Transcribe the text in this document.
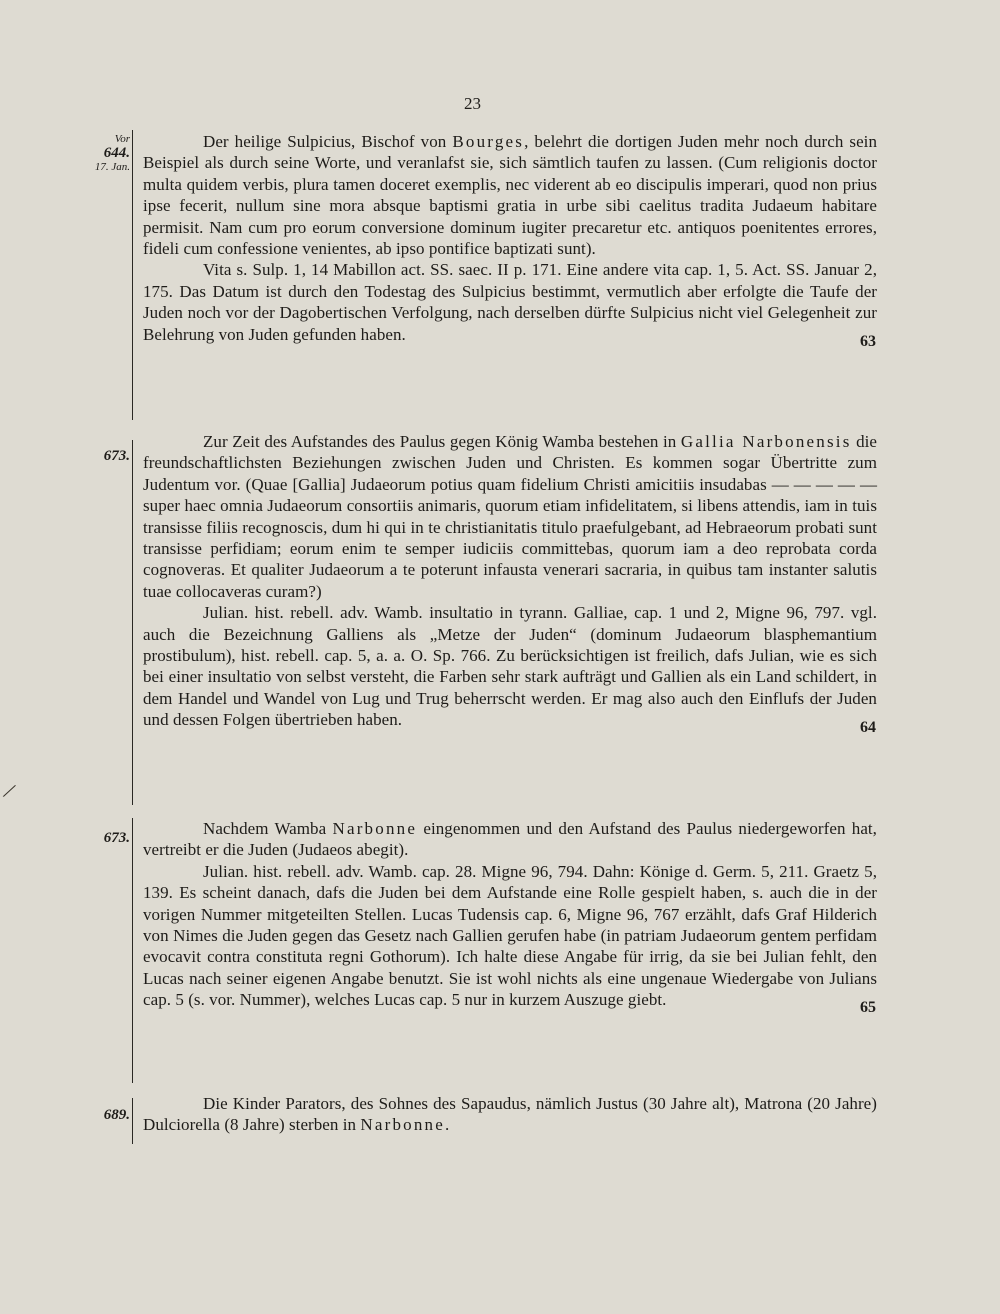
23
Vor
644.
17. Jan.

Der heilige Sulpicius, Bischof von Bourges, belehrt die dortigen Juden mehr noch durch sein Beispiel als durch seine Worte, und veranlafst sie, sich sämtlich taufen zu lassen. (Cum religionis doctor multa quidem verbis, plura tamen doceret exemplis, nec viderent ab eo discipulis imperari, quod non prius ipse fecerit, nullum sine mora absque baptismi gratia in urbe sibi caelitus tradita Judaeum habitare permisit. Nam cum pro eorum conversione dominum iugiter precaretur etc. antiquos poenitentes errores, fideli cum confessione venientes, ab ipso pontifice baptizati sunt).

Vita s. Sulp. 1, 14 Mabillon act. SS. saec. II p. 171. Eine andere vita cap. 1, 5. Act. SS. Januar 2, 175. Das Datum ist durch den Todestag des Sulpicius bestimmt, vermutlich aber erfolgte die Taufe der Juden noch vor der Dagobertischen Verfolgung, nach derselben dürfte Sulpicius nicht viel Gelegenheit zur Belehrung von Juden gefunden haben.	63
673.

Zur Zeit des Aufstandes des Paulus gegen König Wamba bestehen in Gallia Narbonensis die freundschaftlichsten Beziehungen zwischen Juden und Christen. Es kommen sogar Übertritte zum Judentum vor. (Quae [Gallia] Judaeorum potius quam fidelium Christi amicitiis insudabas — — — — — super haec omnia Judaeorum consortiis animaris, quorum etiam infidelitatem, si libens attendis, iam in tuis transisse filiis recognoscis, dum hi qui in te christianitatis titulo praefulgebant, ad Hebraeorum probati sunt transisse perfidiam; eorum enim te semper iudiciis committebas, quorum iam a deo reprobata corda cognoveras. Et qualiter Judaeorum a te poterunt infausta venerari sacraria, in quibus tam instanter salutis tuae collocaveras curam?)

Julian. hist. rebell. adv. Wamb. insultatio in tyrann. Galliae, cap. 1 und 2, Migne 96, 797. vgl. auch die Bezeichnung Galliens als „Metze der Juden“ (dominum Judaeorum blasphemantium prostibulum), hist. rebell. cap. 5, a. a. O. Sp. 766. Zu berücksichtigen ist freilich, dafs Julian, wie es sich bei einer insultatio von selbst versteht, die Farben sehr stark aufträgt und Gallien als ein Land schildert, in dem Handel und Wandel von Lug und Trug beherrscht werden. Er mag also auch den Einflufs der Juden und dessen Folgen übertrieben haben.	64
673.	Nachdem Wamba Narbonne eingenommen und den Aufstand des Paulus niedergeworfen hat, vertreibt er die Juden (Judaeos abegit).

Julian. hist. rebell. adv. Wamb. cap. 28. Migne 96, 794. Dahn: Könige d. Germ. 5, 211. Graetz 5, 139. Es scheint danach, dafs die Juden bei dem Aufstande eine Rolle gespielt haben, s. auch die in der vorigen Nummer mitgeteilten Stellen. Lucas Tudensis cap. 6, Migne 96, 767 erzählt, dafs Graf Hilderich von Nimes die Juden gegen das Gesetz nach Gallien gerufen habe (in patriam Judaeorum gentem perfidam evocavit contra constituta regni Gothorum). Ich halte diese Angabe für irrig, da sie bei Julian fehlt, den Lucas nach seiner eigenen Angabe benutzt. Sie ist wohl nichts als eine ungenaue Wiedergabe von Julians cap. 5 (s. vor. Nummer), welches Lucas cap. 5 nur in kurzem Auszuge giebt.	65
689.

Die Kinder Parators, des Sohnes des Sapaudus, nämlich Justus (30 Jahre alt), Matrona (20 Jahre) Dulciorella (8 Jahre) sterben in Narbonne.

/
